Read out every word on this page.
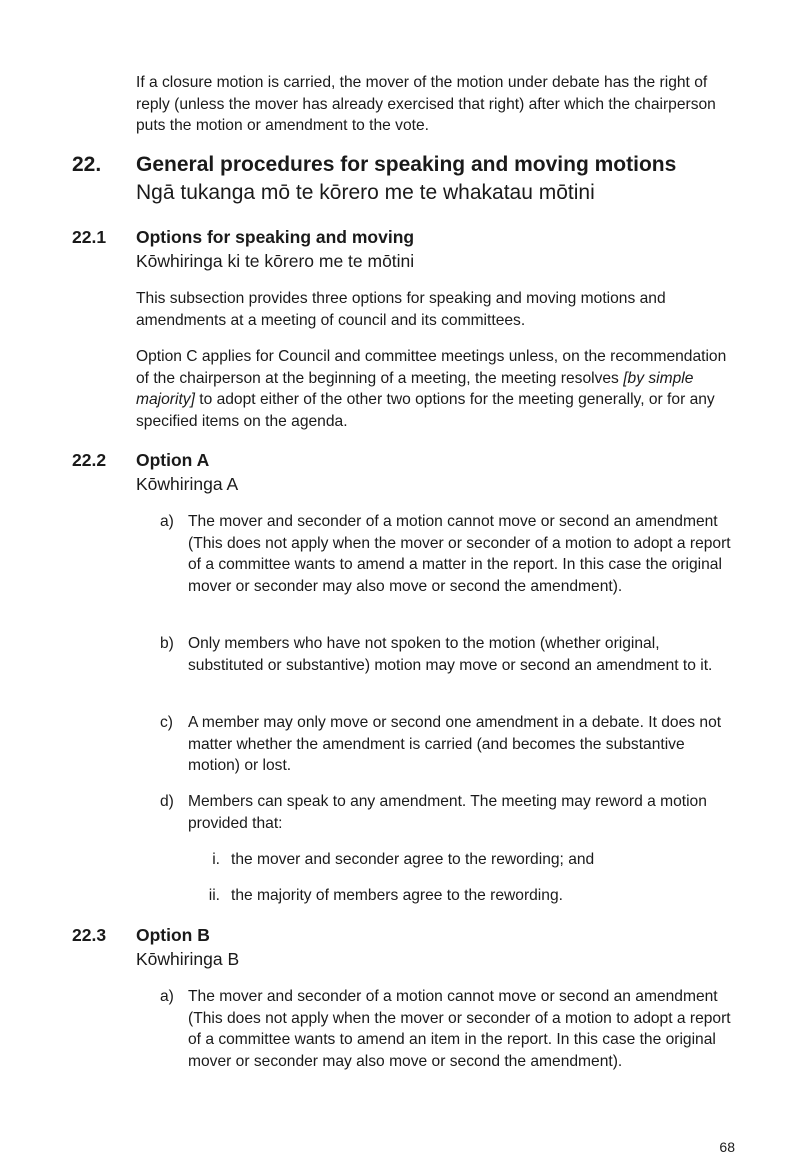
If a closure motion is carried, the mover of the motion under debate has the right of reply (unless the mover has already exercised that right) after which the chairperson puts the motion or amendment to the vote.
22. General procedures for speaking and moving motions
Ngā tukanga mō te kōrero me te whakatau mōtini
22.1 Options for speaking and moving
Kōwhiringa ki te kōrero me te mōtini
This subsection provides three options for speaking and moving motions and amendments at a meeting of council and its committees.
Option C applies for Council and committee meetings unless, on the recommendation of the chairperson at the beginning of a meeting, the meeting resolves [by simple majority] to adopt either of the other two options for the meeting generally, or for any specified items on the agenda.
22.2 Option A
Kōwhiringa A
a) The mover and seconder of a motion cannot move or second an amendment (This does not apply when the mover or seconder of a motion to adopt a report of a committee wants to amend a matter in the report. In this case the original mover or seconder may also move or second the amendment).
b) Only members who have not spoken to the motion (whether original, substituted or substantive) motion may move or second an amendment to it.
c) A member may only move or second one amendment in a debate. It does not matter whether the amendment is carried (and becomes the substantive motion) or lost.
d) Members can speak to any amendment. The meeting may reword a motion provided that:
i. the mover and seconder agree to the rewording; and
ii. the majority of members agree to the rewording.
22.3 Option B
Kōwhiringa B
a) The mover and seconder of a motion cannot move or second an amendment (This does not apply when the mover or seconder of a motion to adopt a report of a committee wants to amend an item in the report. In this case the original mover or seconder may also move or second the amendment).
68
